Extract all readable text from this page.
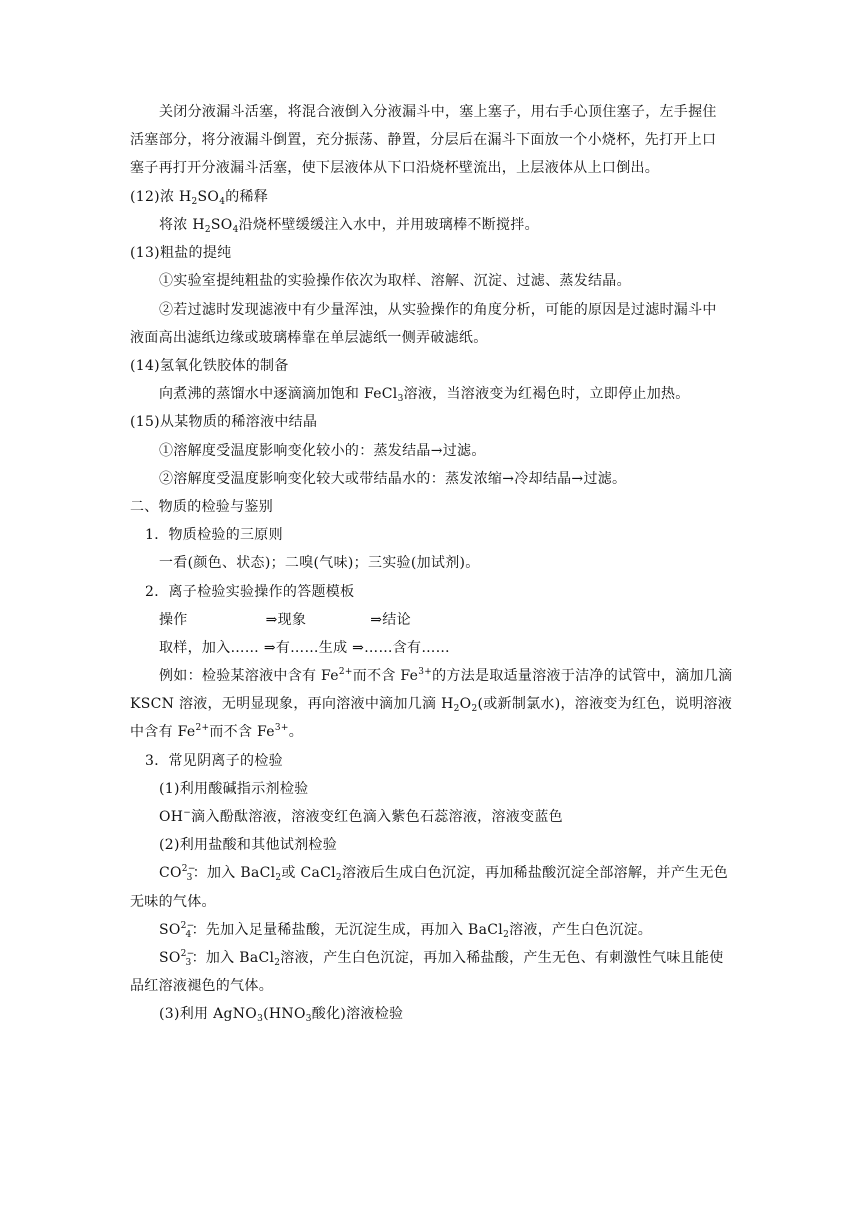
关闭分液漏斗活塞，将混合液倒入分液漏斗中，塞上塞子，用右手心顶住塞子，左手握住
活塞部分，将分液漏斗倒置，充分振荡、静置，分层后在漏斗下面放一个小烧杯，先打开上口
塞子再打开分液漏斗活塞，使下层液体从下口沿烧杯壁流出，上层液体从上口倒出。
(12)浓 $H_2SO_4$的稀释
将浓 $H_2SO_4$沿烧杯壁缓缓注入水中，并用玻璃棒不断搅拌。
(13)粗盐的提纯
①实验室提纯粗盐的实验操作依次为取样、溶解、沉淀、过滤、蒸发结晶。
②若过滤时发现滤液中有少量浑浊，从实验操作的角度分析，可能的原因是过滤时漏斗中
液面高出滤纸边缘或玻璃棒靠在单层滤纸一侧弄破滤纸。
(14)氢氧化铁胶体的制备
向煮沸的蒸馏水中逐滴滴加饱和 FeCl$_3$溶液，当溶液变为红褐色时，立即停止加热。
(15)从某物质的稀溶液中结晶
①溶解度受温度影响变化较小的：蒸发结晶→过滤。
②溶解度受温度影响变化较大或带结晶水的：蒸发浓缩→冷却结晶→过滤。
二、物质的检验与鉴别
1．物质检验的三原则
一看(颜色、状态)；二嗅(气味)；三实验(加试剂)。
2．离子检验实验操作的答题模板
操作	⇒现象	⇒结论
取样，加入…… ⇒有……生成 ⇒……含有……
例如：检验某溶液中含有 $Fe^{2+}$而不含 $Fe^{3+}$的方法是取适量溶液于洁净的试管中，滴加几滴
KSCN 溶液，无明显现象，再向溶液中滴加几滴 $H_2O_2$(或新制氯水)，溶液变为红色，说明溶液
中含有 $Fe^{2+}$而不含 $Fe^{3+}$。
3．常见阴离子的检验
(1)利用酸碱指示剂检验
OH−滴入酚酞溶液，溶液变红色滴入紫色石蕊溶液，溶液变蓝色
(2)利用盐酸和其他试剂检验
$CO^{2-}_3$：加入 BaCl$_2$或 CaCl$_2$溶液后生成白色沉淀，再加稀盐酸沉淀全部溶解，并产生无色
无味的气体。
$SO^{2-}_4$：先加入足量稀盐酸，无沉淀生成，再加入 BaCl$_2$溶液，产生白色沉淀。
$SO^{2-}_3$：加入 BaCl$_2$溶液，产生白色沉淀，再加入稀盐酸，产生无色、有刺激性气味且能使
品红溶液褪色的气体。
(3)利用 $AgNO_3(HNO_3$酸化)溶液检验
